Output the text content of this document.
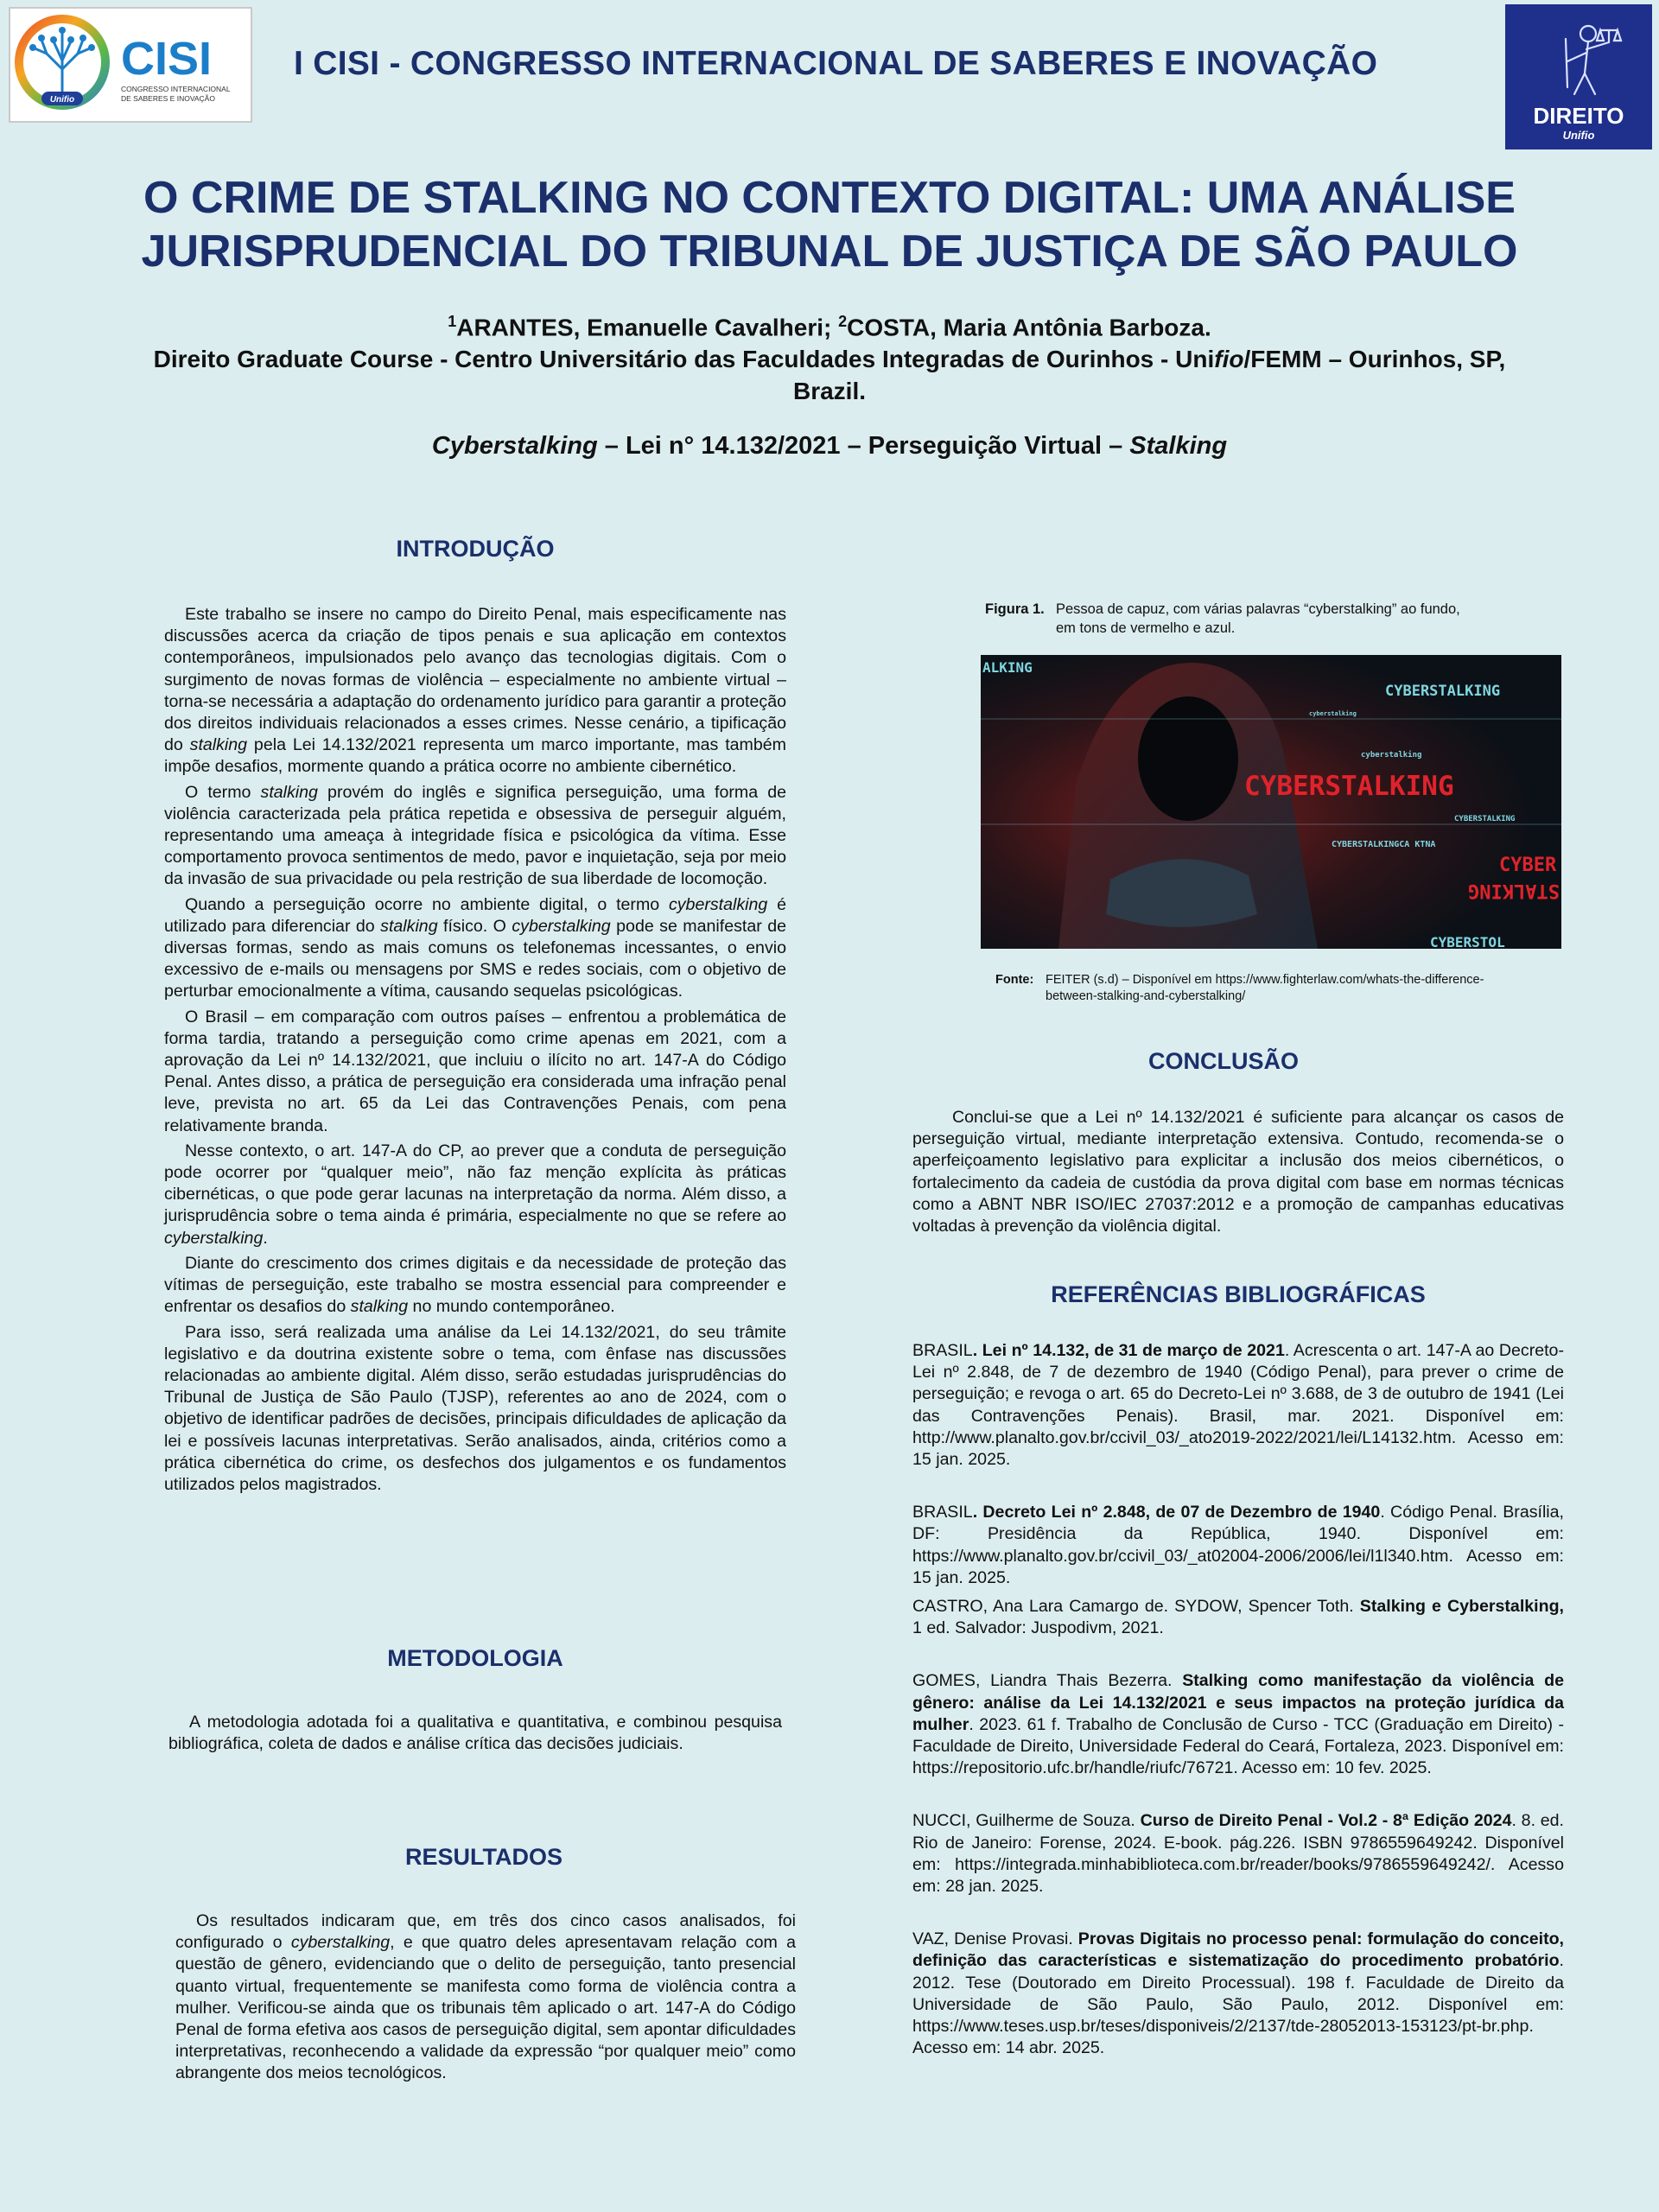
Unifio
CISI
CONGRESSO INTERNACIONAL
DE SABERES E INOVAÇÃO
I CISI - CONGRESSO INTERNACIONAL DE SABERES E INOVAÇÃO
DIREITO
Unifio
O CRIME DE STALKING NO CONTEXTO DIGITAL: UMA ANÁLISE
JURISPRUDENCIAL DO TRIBUNAL DE JUSTIÇA DE SÃO PAULO
$^1$ARANTES, Emanuelle Cavalheri; $^2$COSTA, Maria Antônia Barboza.
Direito Graduate Course - Centro Universitário das Faculdades Integradas de Ourinhos - Unifio/FEMM – Ourinhos, SP,
Brazil.
Cyberstalking – Lei n° 14.132/2021 – Perseguição Virtual – Stalking
INTRODUÇÃO

Este trabalho se insere no campo do Direito Penal, mais especificamente nas discussões acerca da criação de tipos penais e sua aplicação em contextos contemporâneos, impulsionados pelo avanço das tecnologias digitais. Com o surgimento de novas formas de violência – especialmente no ambiente virtual – torna-se necessária a adaptação do ordenamento jurídico para garantir a proteção dos direitos individuais relacionados a esses crimes. Nesse cenário, a tipificação do stalking pela Lei 14.132/2021 representa um marco importante, mas também impõe desafios, mormente quando a prática ocorre no ambiente cibernético.

O termo stalking provém do inglês e significa perseguição, uma forma de violência caracterizada pela prática repetida e obsessiva de perseguir alguém, representando uma ameaça à integridade física e psicológica da vítima. Esse comportamento provoca sentimentos de medo, pavor e inquietação, seja por meio da invasão de sua privacidade ou pela restrição de sua liberdade de locomoção.

Quando a perseguição ocorre no ambiente digital, o termo cyberstalking é utilizado para diferenciar do stalking físico. O cyberstalking pode se manifestar de diversas formas, sendo as mais comuns os telefonemas incessantes, o envio excessivo de e-mails ou mensagens por SMS e redes sociais, com o objetivo de perturbar emocionalmente a vítima, causando sequelas psicológicas.

O Brasil – em comparação com outros países – enfrentou a problemática de forma tardia, tratando a perseguição como crime apenas em 2021, com a aprovação da Lei nº 14.132/2021, que incluiu o ilícito no art. 147-A do Código Penal. Antes disso, a prática de perseguição era considerada uma infração penal leve, prevista no art. 65 da Lei das Contravenções Penais, com pena relativamente branda.

Nesse contexto, o art. 147-A do CP, ao prever que a conduta de perseguição pode ocorrer por “qualquer meio”, não faz menção explícita às práticas cibernéticas, o que pode gerar lacunas na interpretação da norma. Além disso, a jurisprudência sobre o tema ainda é primária, especialmente no que se refere ao cyberstalking.

Diante do crescimento dos crimes digitais e da necessidade de proteção das vítimas de perseguição, este trabalho se mostra essencial para compreender e enfrentar os desafios do stalking no mundo contemporâneo.

Para isso, será realizada uma análise da Lei 14.132/2021, do seu trâmite legislativo e da doutrina existente sobre o tema, com ênfase nas discussões relacionadas ao ambiente digital. Além disso, serão estudadas jurisprudências do Tribunal de Justiça de São Paulo (TJSP), referentes ao ano de 2024, com o objetivo de identificar padrões de decisões, principais dificuldades de aplicação da lei e possíveis lacunas interpretativas. Serão analisados, ainda, critérios como a prática cibernética do crime, os desfechos dos julgamentos e os fundamentos utilizados pelos magistrados.

METODOLOGIA

A metodologia adotada foi a qualitativa e quantitativa, e combinou pesquisa bibliográfica, coleta de dados e análise crítica das decisões judiciais.

RESULTADOS

Os resultados indicaram que, em três dos cinco casos analisados, foi configurado o cyberstalking, e que quatro deles apresentavam relação com a questão de gênero, evidenciando que o delito de perseguição, tanto presencial quanto virtual, frequentemente se manifesta como forma de violência contra a mulher. Verificou-se ainda que os tribunais têm aplicado o art. 147-A do Código Penal de forma efetiva aos casos de perseguição digital, sem apontar dificuldades interpretativas, reconhecendo a validade da expressão “por qualquer meio” como abrangente dos meios tecnológicos.

Figura 1. Pessoa de capuz, com várias palavras “cyberstalking” ao fundo,
em tons de vermelho e azul.
ALKING
CYBERSTALKING
cyberstalking
CYBERSTALKING
CYBERSTALKING
CYBERSTALKINGCA KTNA
CYBER
STALKING
CYBERSTOL
cyberstalking
Fonte: FEITER (s.d) – Disponível em https://www.fighterlaw.com/whats-the-difference-
between-stalking-and-cyberstalking/
CONCLUSÃO

Conclui-se que a Lei nº 14.132/2021 é suficiente para alcançar os casos de perseguição virtual, mediante interpretação extensiva. Contudo, recomenda-se o aperfeiçoamento legislativo para explicitar a inclusão dos meios cibernéticos, o fortalecimento da cadeia de custódia da prova digital com base em normas técnicas como a ABNT NBR ISO/IEC 27037:2012 e a promoção de campanhas educativas voltadas à prevenção da violência digital.

REFERÊNCIAS BIBLIOGRÁFICAS
BRASIL. Lei nº 14.132, de 31 de março de 2021. Acrescenta o art. 147-A ao Decreto-Lei nº 2.848, de 7 de dezembro de 1940 (Código Penal), para prever o crime de perseguição; e revoga o art. 65 do Decreto-Lei nº 3.688, de 3 de outubro de 1941 (Lei das Contravenções Penais). Brasil, mar. 2021. Disponível em: http://www.planalto.gov.br/ccivil_03/_ato2019-2022/2021/lei/L14132.htm. Acesso em: 15 jan. 2025.
BRASIL. Decreto Lei nº 2.848, de 07 de Dezembro de 1940. Código Penal. Brasília, DF: Presidência da República, 1940. Disponível em: https://www.planalto.gov.br/ccivil_03/_at02004-2006/2006/lei/l1l340.htm. Acesso em: 15 jan. 2025.
CASTRO, Ana Lara Camargo de. SYDOW, Spencer Toth. Stalking e Cyberstalking, 1 ed. Salvador: Juspodivm, 2021.
GOMES, Liandra Thais Bezerra. Stalking como manifestação da violência de gênero: análise da Lei 14.132/2021 e seus impactos na proteção jurídica da mulher. 2023. 61 f. Trabalho de Conclusão de Curso - TCC (Graduação em Direito) - Faculdade de Direito, Universidade Federal do Ceará, Fortaleza, 2023. Disponível em: https://repositorio.ufc.br/handle/riufc/76721. Acesso em: 10 fev. 2025.
NUCCI, Guilherme de Souza. Curso de Direito Penal - Vol.2 - 8ª Edição 2024. 8. ed. Rio de Janeiro: Forense, 2024. E-book. pág.226. ISBN 9786559649242. Disponível em: https://integrada.minhabiblioteca.com.br/reader/books/9786559649242/. Acesso em: 28 jan. 2025.
VAZ, Denise Provasi. Provas Digitais no processo penal: formulação do conceito, definição das características e sistematização do procedimento probatório. 2012. Tese (Doutorado em Direito Processual). 198 f. Faculdade de Direito da Universidade de São Paulo, São Paulo, 2012. Disponível em: https://www.teses.usp.br/teses/disponiveis/2/2137/tde-28052013-153123/pt-br.php. Acesso em: 14 abr. 2025.
